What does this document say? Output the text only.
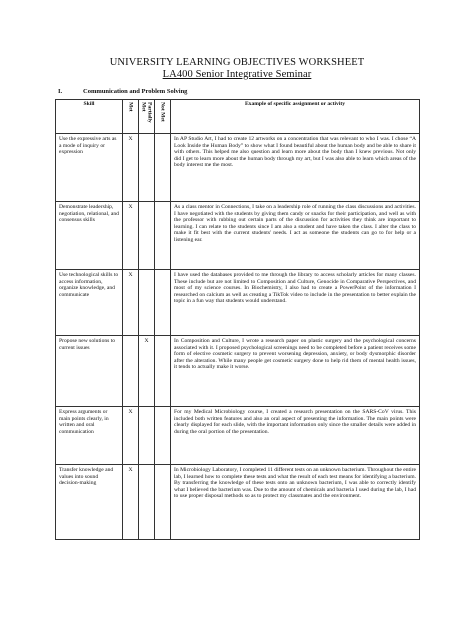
UNIVERSITY LEARNING OBJECTIVES WORKSHEET
LA400 Senior Integrative Seminar
I.	Communication and Problem Solving
Skill	Met	Partially Met	Not Met	Example of specific assignment or activity
Use the expressive arts as a mode of inquiry or expression	X			In AP Studio Art, I had to create 12 artworks on a concentration that was relevant to who I was. I chose “A Look Inside the Human Body” to show what I found beautiful about the human body and be able to share it with others. This helped me also question and learn more about the body than I knew previous. Not only did I get to learn more about the human body through my art, but I was also able to learn which areas of the body interest me the most.
Demonstrate leadership, negotiation, relational, and consensus skills	X			As a class mentor in Connections, I take on a leadership role of running the class discussions and activities. I have negotiated with the students by giving them candy or snacks for their participation, and well as with the professor with rubbing out certain parts of the discussion for activities they think are important to learning. I can relate to the students since I am also a student and have taken the class. I alter the class to make it fit best with the current students' needs. I act as someone the students can go to for help or a listening ear.
Use technological skills to access information, organize knowledge, and communicate	X			I have used the databases provided to me through the library to access scholarly articles for many classes. These include but are not limited to Composition and Culture, Genocide in Comparative Perspectives, and most of my science courses. In Biochemistry, I also had to create a PowerPoint of the information I researched on calcium as well as creating a TikTok video to include in the presentation to better explain the topic in a fun way that students would understand.
Propose new solutions to current issues		X		In Composition and Culture, I wrote a research paper on plastic surgery and the psychological concerns associated with it. I proposed psychological screenings need to be completed before a patient receives some form of elective cosmetic surgery to prevent worsening depression, anxiety, or body dysmorphic disorder after the alteration. While many people get cosmetic surgery done to help rid them of mental health issues, it tends to actually make it worse.
Express arguments or main points clearly, in written and oral communication	X			For my Medical Microbiology course, I created a research presentation on the SARS-CoV virus. This included both written features and also an oral aspect of presenting the information. The main points were clearly displayed for each slide, with the important information only since the smaller details were added in during the oral portion of the presentation.
Transfer knowledge and values into sound decision-making	X			In Microbiology Laboratory, I completed 11 different tests on an unknown bacterium. Throughout the entire lab, I learned how to complete these tests and what the result of each test means for identifying a bacterium. By transferring the knowledge of these tests onto an unknown bacterium, I was able to correctly identify what I believed the bacterium was. Due to the amount of chemicals and bacteria I used during the lab, I had to use proper disposal methods so as to protect my classmates and the environment.
